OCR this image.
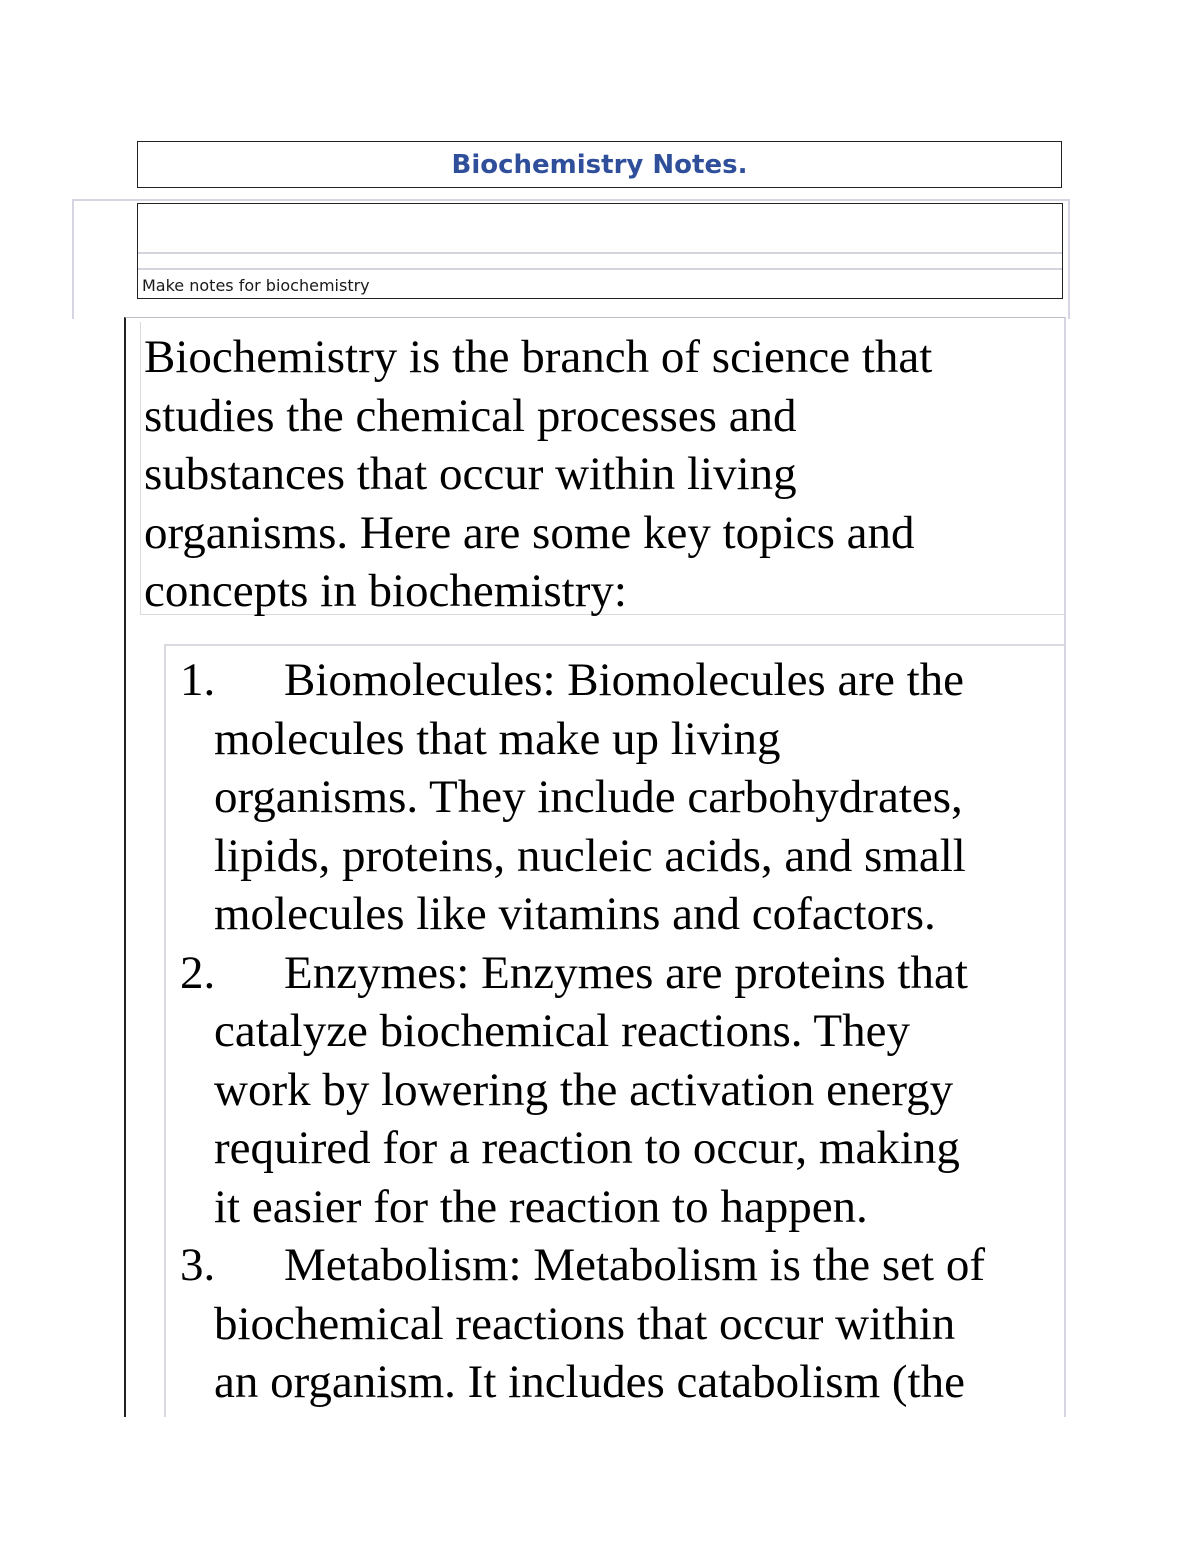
Biochemistry Notes.
Make notes for biochemistry

Biochemistry is the branch of science that
studies the chemical processes and
substances that occur within living
organisms. Here are some key topics and
concepts in biochemistry:

1.	Biomolecules: Biomolecules are the
molecules that make up living
organisms. They include carbohydrates,
lipids, proteins, nucleic acids, and small
molecules like vitamins and cofactors.
2.	Enzymes: Enzymes are proteins that
catalyze biochemical reactions. They
work by lowering the activation energy
required for a reaction to occur, making
it easier for the reaction to happen.
3.	Metabolism: Metabolism is the set of
biochemical reactions that occur within
an organism. It includes catabolism (the
